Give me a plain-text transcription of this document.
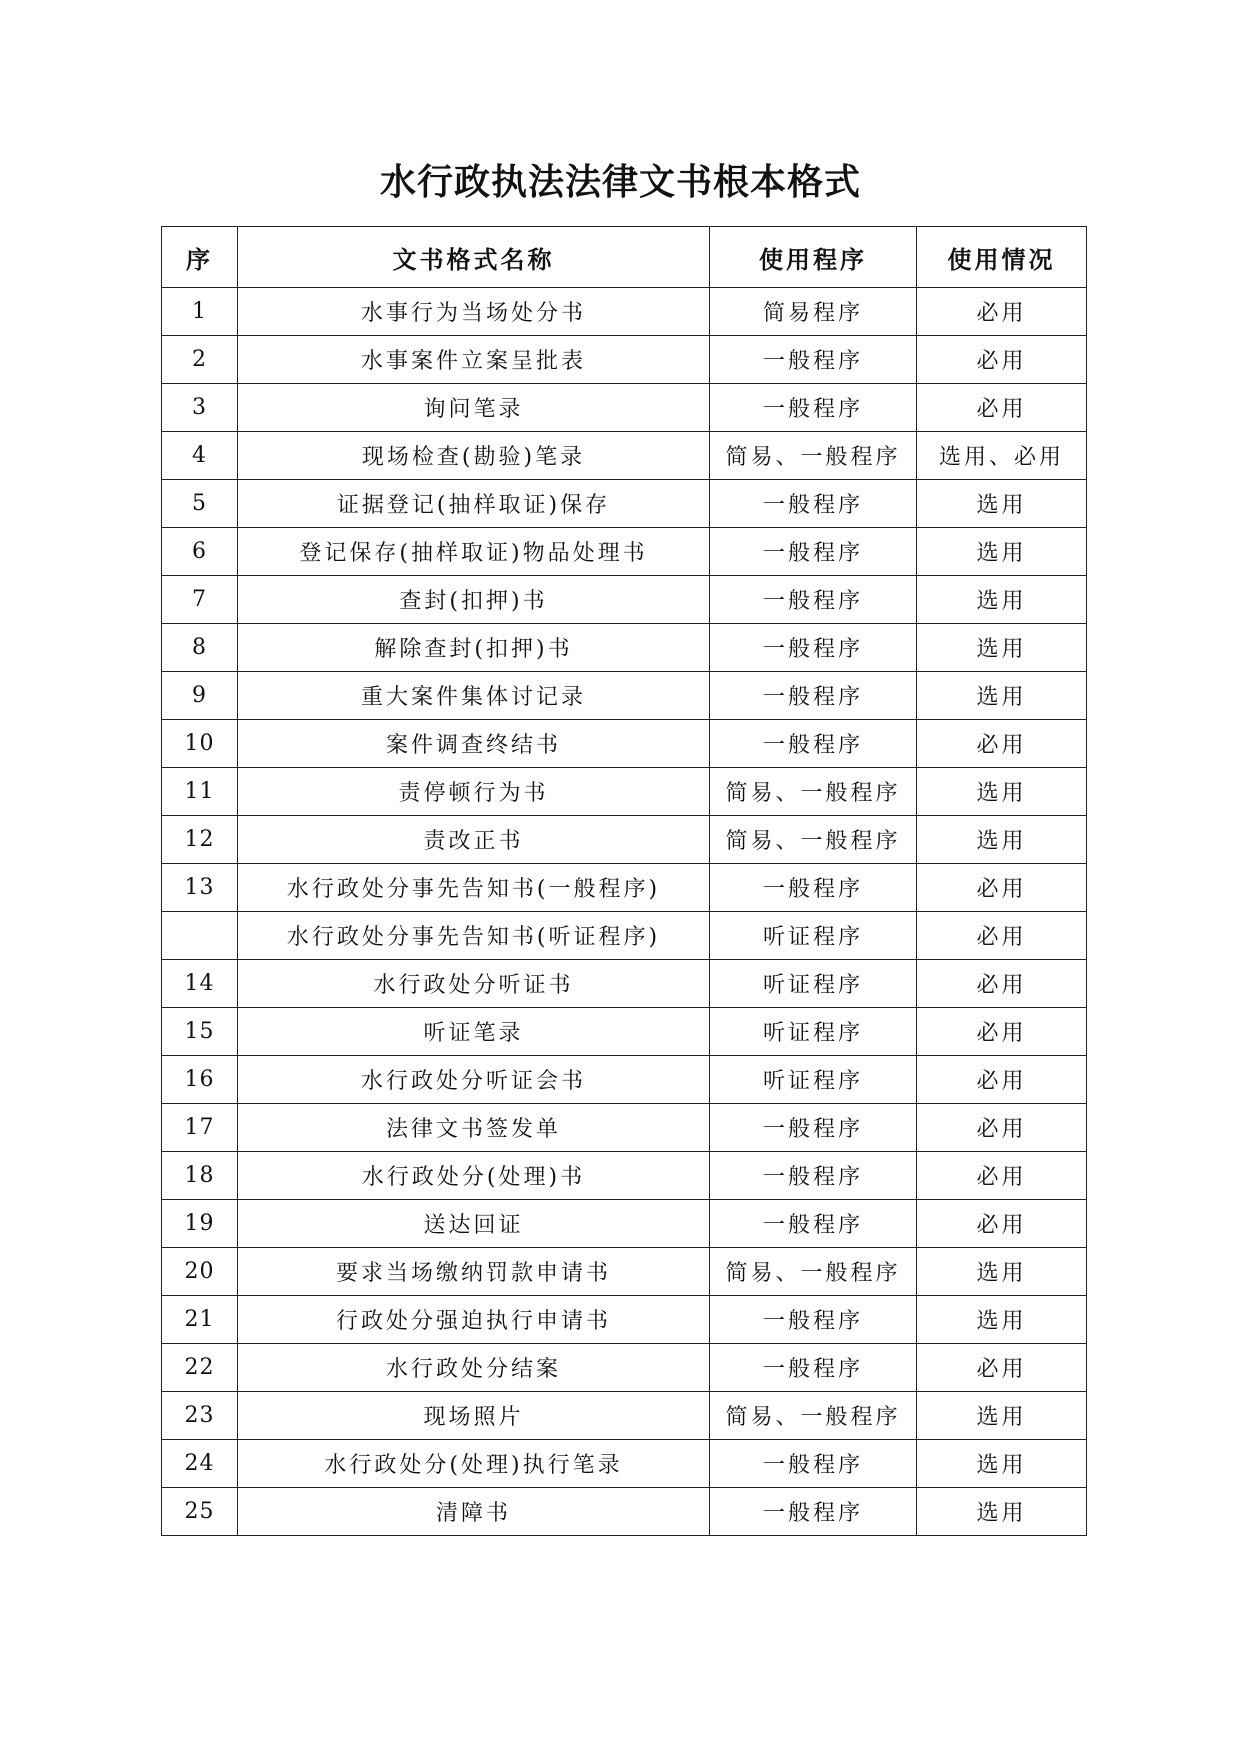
水行政执法法律文书根本格式
序	文书格式名称	使用程序	使用情况
1	水事行为当场处分书	简易程序	必用
2	水事案件立案呈批表	一般程序	必用
3	询问笔录	一般程序	必用
4	现场检查(勘验)笔录	简易、一般程序	选用、必用
5	证据登记(抽样取证)保存	一般程序	选用
6	登记保存(抽样取证)物品处理书	一般程序	选用
7	查封(扣押)书	一般程序	选用
8	解除查封(扣押)书	一般程序	选用
9	重大案件集体讨记录	一般程序	选用
10	案件调查终结书	一般程序	必用
11	责停顿行为书	简易、一般程序	选用
12	责改正书	简易、一般程序	选用
13	水行政处分事先告知书(一般程序)	一般程序	必用
	水行政处分事先告知书(听证程序)	听证程序	必用
14	水行政处分听证书	听证程序	必用
15	听证笔录	听证程序	必用
16	水行政处分听证会书	听证程序	必用
17	法律文书签发单	一般程序	必用
18	水行政处分(处理)书	一般程序	必用
19	送达回证	一般程序	必用
20	要求当场缴纳罚款申请书	简易、一般程序	选用
21	行政处分强迫执行申请书	一般程序	选用
22	水行政处分结案	一般程序	必用
23	现场照片	简易、一般程序	选用
24	水行政处分(处理)执行笔录	一般程序	选用
25	清障书	一般程序	选用
